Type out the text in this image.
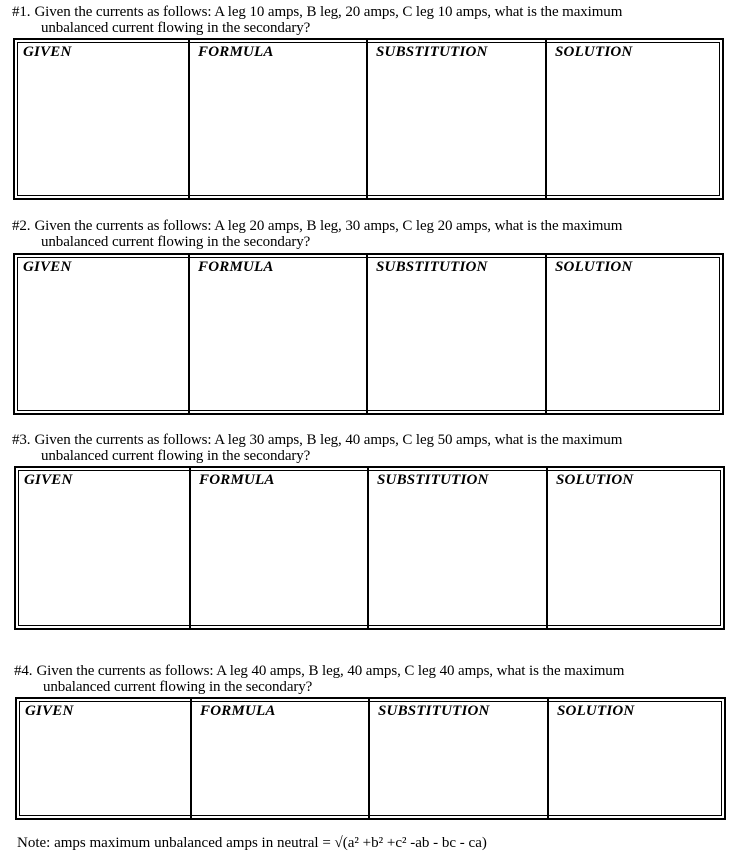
#1. Given the currents as follows: A leg 10 amps, B leg, 20 amps, C leg 10 amps, what is the maximum
unbalanced current flowing in the secondary?
GIVEN	FORMULA	SUBSTITUTION	SOLUTION
#2. Given the currents as follows: A leg 20 amps, B leg, 30 amps, C leg 20 amps, what is the maximum
unbalanced current flowing in the secondary?
GIVEN	FORMULA	SUBSTITUTION	SOLUTION
#3. Given the currents as follows: A leg 30 amps, B leg, 40 amps, C leg 50 amps, what is the maximum
unbalanced current flowing in the secondary?
GIVEN	FORMULA	SUBSTITUTION	SOLUTION
#4. Given the currents as follows: A leg 40 amps, B leg, 40 amps, C leg 40 amps, what is the maximum
unbalanced current flowing in the secondary?
GIVEN	FORMULA	SUBSTITUTION	SOLUTION
Note: amps maximum unbalanced amps in neutral = √(a² +b² +c² -ab - bc - ca)
